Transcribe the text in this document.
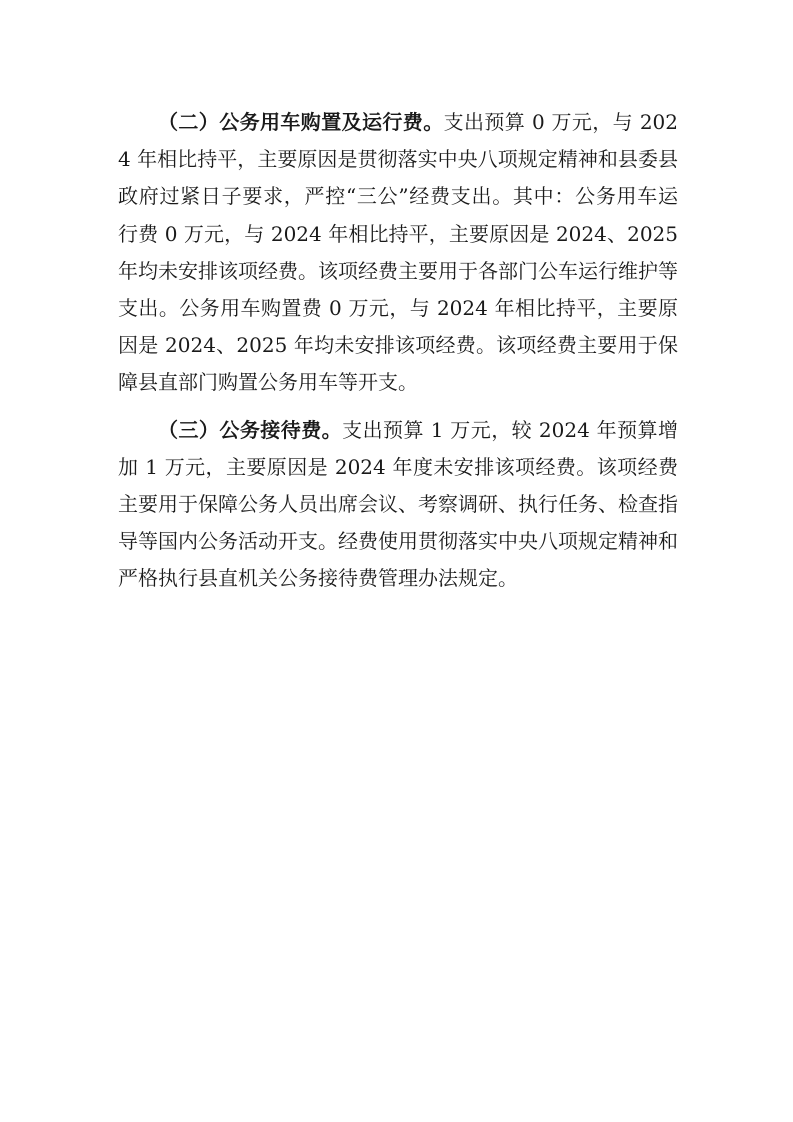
（二）公务用车购置及运行费。支出预算 0 万元，与 2024 年相比持平，主要原因是贯彻落实中央八项规定精神和县委县政府过紧日子要求，严控“三公”经费支出。其中：公务用车运行费 0 万元，与 2024 年相比持平，主要原因是 2024、2025 年均未安排该项经费。该项经费主要用于各部门公车运行维护等支出。公务用车购置费 0 万元，与 2024 年相比持平，主要原因是 2024、2025 年均未安排该项经费。该项经费主要用于保障县直部门购置公务用车等开支。

（三）公务接待费。支出预算 1 万元，较 2024 年预算增加 1 万元，主要原因是 2024 年度未安排该项经费。该项经费主要用于保障公务人员出席会议、考察调研、执行任务、检查指导等国内公务活动开支。经费使用贯彻落实中央八项规定精神和严格执行县直机关公务接待费管理办法规定。
